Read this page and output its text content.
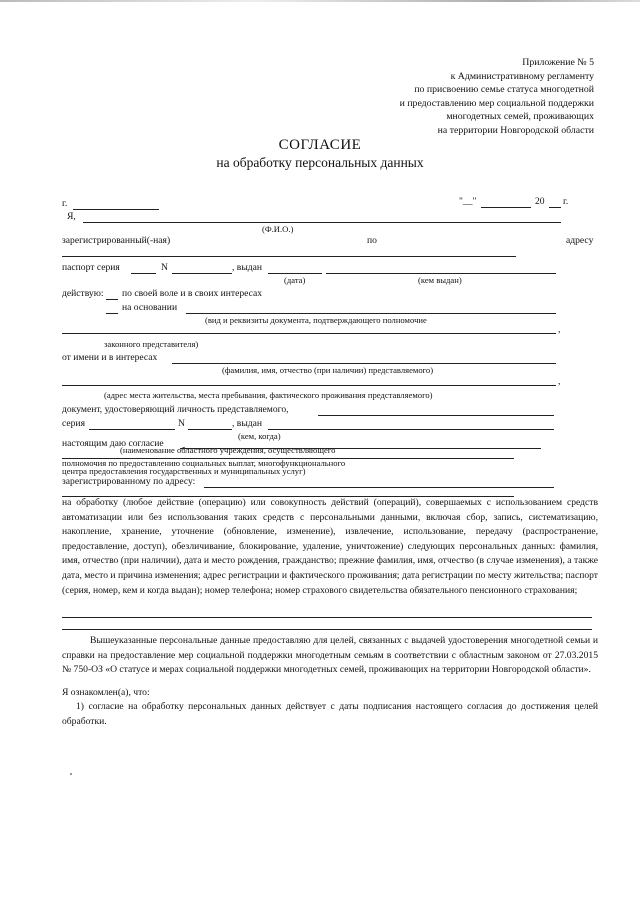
Приложение № 5
к Административному регламенту
по присвоению семье статуса многодетной
и предоставлению мер социальной поддержки
многодетных семей, проживающих
на территории Новгородской области
СОГЛАСИЕ
на обработку персональных данных
г.	"__"	20 г.
Я,
(Ф.И.О.)
зарегистрированный(-ная)	по	адресу
паспорт серия	N	, выдан
(дата)	(кем выдан)
действую: по своей воле и в своих интересах
на основании
(вид и реквизиты документа, подтверждающего полномочие
,
законного представителя)
от имени и в интересах
(фамилия, имя, отчество (при наличии) представляемого)
,
(адрес места жительства, места пребывания, фактического проживания представляемого)
документ, удостоверяющий личность представляемого,
серия	N	, выдан
(кем, когда)
настоящим даю согласие
(наименование областного учреждения, осуществляющего
полномочия по предоставлению социальных выплат, многофункционального
центра предоставления государственных и муниципальных услуг)
зарегистрированному по адресу:
на обработку (любое действие (операцию) или совокупность действий (операций), совершаемых с использованием средств автоматизации или без использования таких средств с персональными данными, включая сбор, запись, систематизацию, накопление, хранение, уточнение (обновление, изменение), извлечение, использование, передачу (распространение, предоставление, доступ), обезличивание, блокирование, удаление, уничтожение) следующих персональных данных: фамилия, имя, отчество (при наличии), дата и место рождения, гражданство; прежние фамилия, имя, отчество (в случае изменения), а также дата, место и причина изменения; адрес регистрации и фактического проживания; дата регистрации по месту жительства; паспорт (серия, номер, кем и когда выдан); номер телефона; номер страхового свидетельства обязательного пенсионного страхования;
Вышеуказанные персональные данные предоставляю для целей, связанных с выдачей удостоверения многодетной семьи и справки на предоставление мер социальной поддержки многодетным семьям в соответствии с областным законом от 27.03.2015 № 750-ОЗ «О статусе и мерах социальной поддержки многодетных семей, проживающих на территории Новгородской области».
Я ознакомлен(а), что:
1) согласие на обработку персональных данных действует с даты подписания настоящего согласия до достижения целей обработки.
